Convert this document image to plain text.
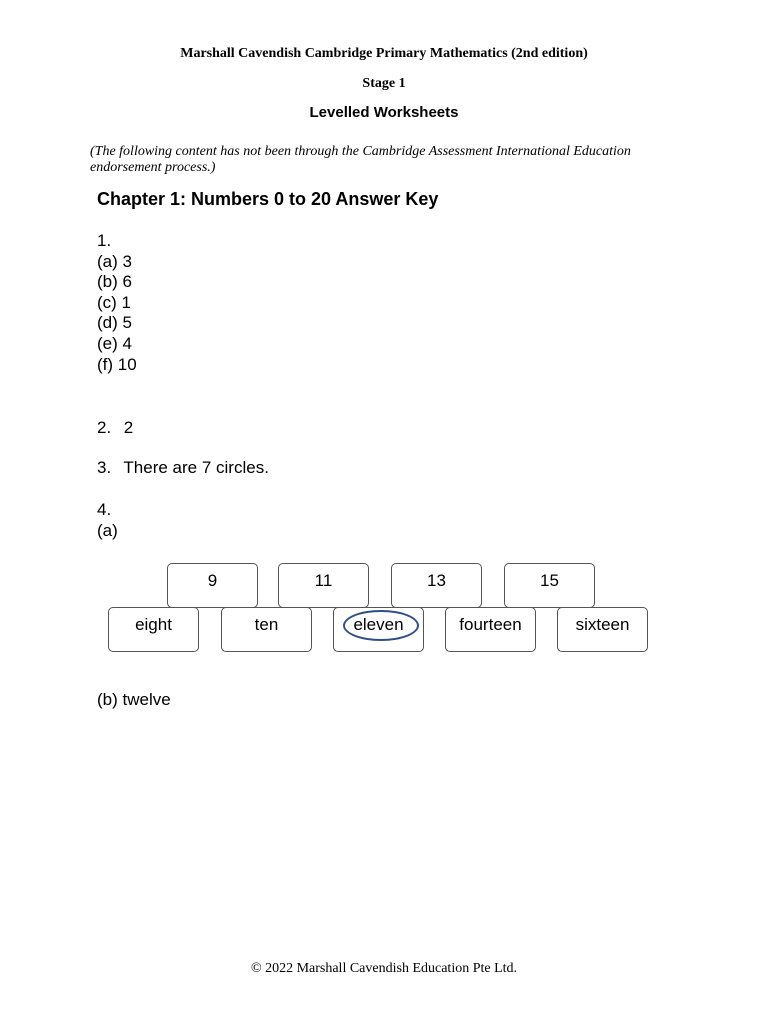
Marshall Cavendish Cambridge Primary Mathematics (2nd edition)
Stage 1
Levelled Worksheets
(The following content has not been through the Cambridge Assessment International Education
endorsement process.)
Chapter 1: Numbers 0 to 20 Answer Key
1.
(a) 3
(b) 6
(c) 1
(d) 5
(e) 4
(f) 10
2. 2
3. There are 7 circles.
4.
(a)
9	11	13	15
eight	ten	eleven	fourteen	sixteen
(b) twelve
© 2022 Marshall Cavendish Education Pte Ltd.
